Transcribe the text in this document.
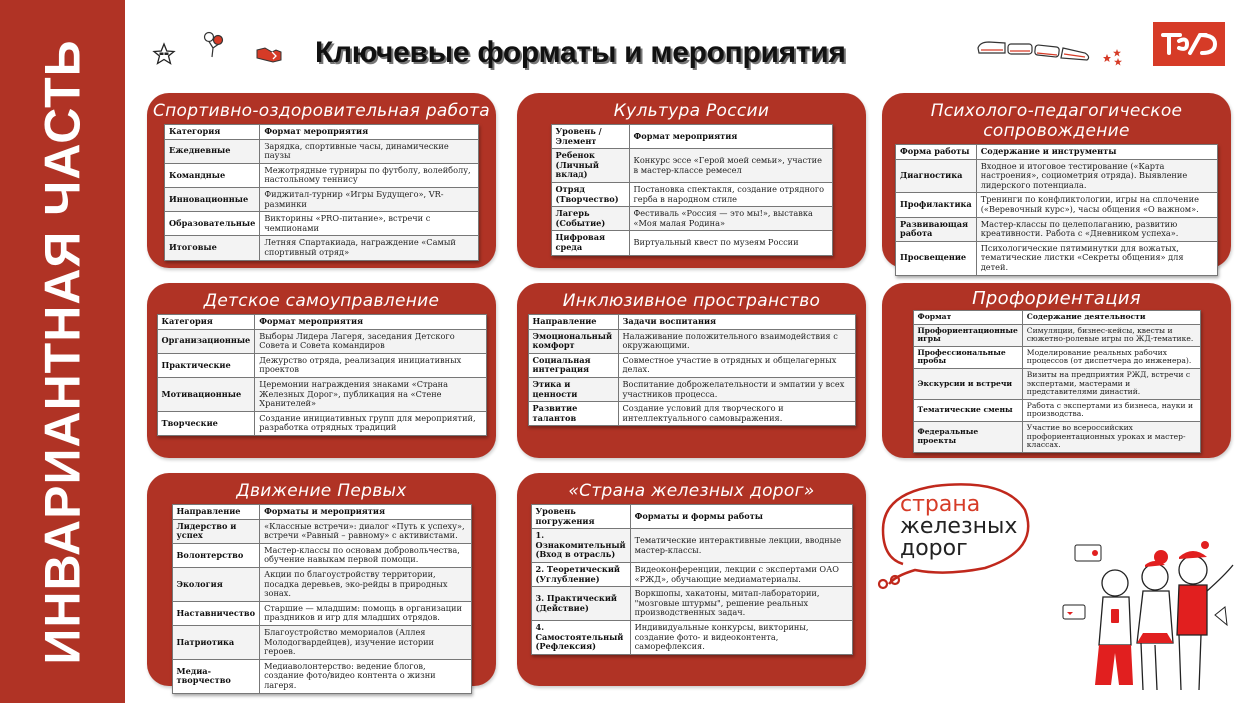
ИНВАРИАНТНАЯ ЧАСТЬ	Ключевые форматы и мероприятия
Спортивно-оздоровительная работа
Категория	Формат мероприятия
Ежедневные	Зарядка, спортивные часы, динамические паузы
Командные	Межотрядные турниры по футболу, волейболу, настольному теннису
Инновационные	Фиджитал-турнир «Игры Будущего», VR-разминки
Образовательные	Викторины «PRO-питание», встречи с чемпионами
Итоговые	Летняя Спартакиада, награждение «Самый спортивный отряд»
Культура России
Уровень / Элемент	Формат мероприятия
Ребенок (Личный вклад)	Конкурс эссе «Герой моей семьи», участие в мастер-классе ремесел
Отряд (Творчество)	Постановка спектакля, создание отрядного герба в народном стиле
Лагерь (Событие)	Фестиваль «Россия — это мы!», выставка «Моя малая Родина»
Цифровая среда	Виртуальный квест по музеям России
Психолого-педагогическое сопровождение
Форма работы	Содержание и инструменты
Диагностика	Входное и итоговое тестирование («Карта настроения», социометрия отряда). Выявление лидерского потенциала.
Профилактика	Тренинги по конфликтологии, игры на сплочение («Веревочный курс»), часы общения «О важном».
Развивающая работа	Мастер-классы по целеполаганию, развитию креативности. Работа с «Дневником успеха».
Просвещение	Психологические пятиминутки для вожатых, тематические листки «Секреты общения» для детей.
Детское самоуправление
Категория	Формат мероприятия
Организационные	Выборы Лидера Лагеря, заседания Детского Совета и Совета командиров
Практические	Дежурство отряда, реализация инициативных проектов
Мотивационные	Церемонии награждения знаками «Страна Железных Дорог», публикация на «Стене Хранителей»
Творческие	Создание инициативных групп для мероприятий, разработка отрядных традиций
Инклюзивное пространство
Направление	Задачи воспитания
Эмоциональный комфорт	Налаживание положительного взаимодействия с окружающими.
Социальная интеграция	Совместное участие в отрядных и общелагерных делах.
Этика и ценности	Воспитание доброжелательности и эмпатии у всех участников процесса.
Развитие талантов	Создание условий для творческого и интеллектуального самовыражения.
Профориентация
Формат	Содержание деятельности
Профориентационные игры	Симуляции, бизнес-кейсы, квесты и сюжетно-ролевые игры по ЖД-тематике.
Профессиональные пробы	Моделирование реальных рабочих процессов (от диспетчера до инженера).
Экскурсии и встречи	Визиты на предприятия РЖД, встречи с экспертами, мастерами и представителями династий.
Тематические смены	Работа с экспертами из бизнеса, науки и производства.
Федеральные проекты	Участие во всероссийских профориентационных уроках и мастер-классах.
Движение Первых
Направление	Форматы и мероприятия
Лидерство и успех	«Классные встречи»: диалог «Путь к успеху», встречи «Равный – равному» с активистами.
Волонтерство	Мастер-классы по основам добровольчества, обучение навыкам первой помощи.
Экология	Акции по благоустройству территории, посадка деревьев, эко-рейды в природных зонах.
Наставничество	Старшие — младшим: помощь в организации праздников и игр для младших отрядов.
Патриотика	Благоустройство мемориалов (Аллея Молодогвардейцев), изучение истории героев.
Медиа-творчество	Медиаволонтерство: ведение блогов, создание фото/видео контента о жизни лагеря.
«Страна железных дорог»
Уровень погружения	Форматы и формы работы
1. Ознакомительный (Вход в отрасль)	Тематические интерактивные лекции, вводные мастер-классы.
2. Теоретический (Углубление)	Видеоконференции, лекции с экспертами ОАО «РЖД», обучающие медиаматериалы.
3. Практический (Действие)	Воркшопы, хакатоны, митап-лаборатории, "мозговые штурмы", решение реальных производственных задач.
4. Самостоятельный (Рефлексия)	Индивидуальные конкурсы, викторины, создание фото- и видеоконтента, саморефлексия.
страна
железных
дорог
